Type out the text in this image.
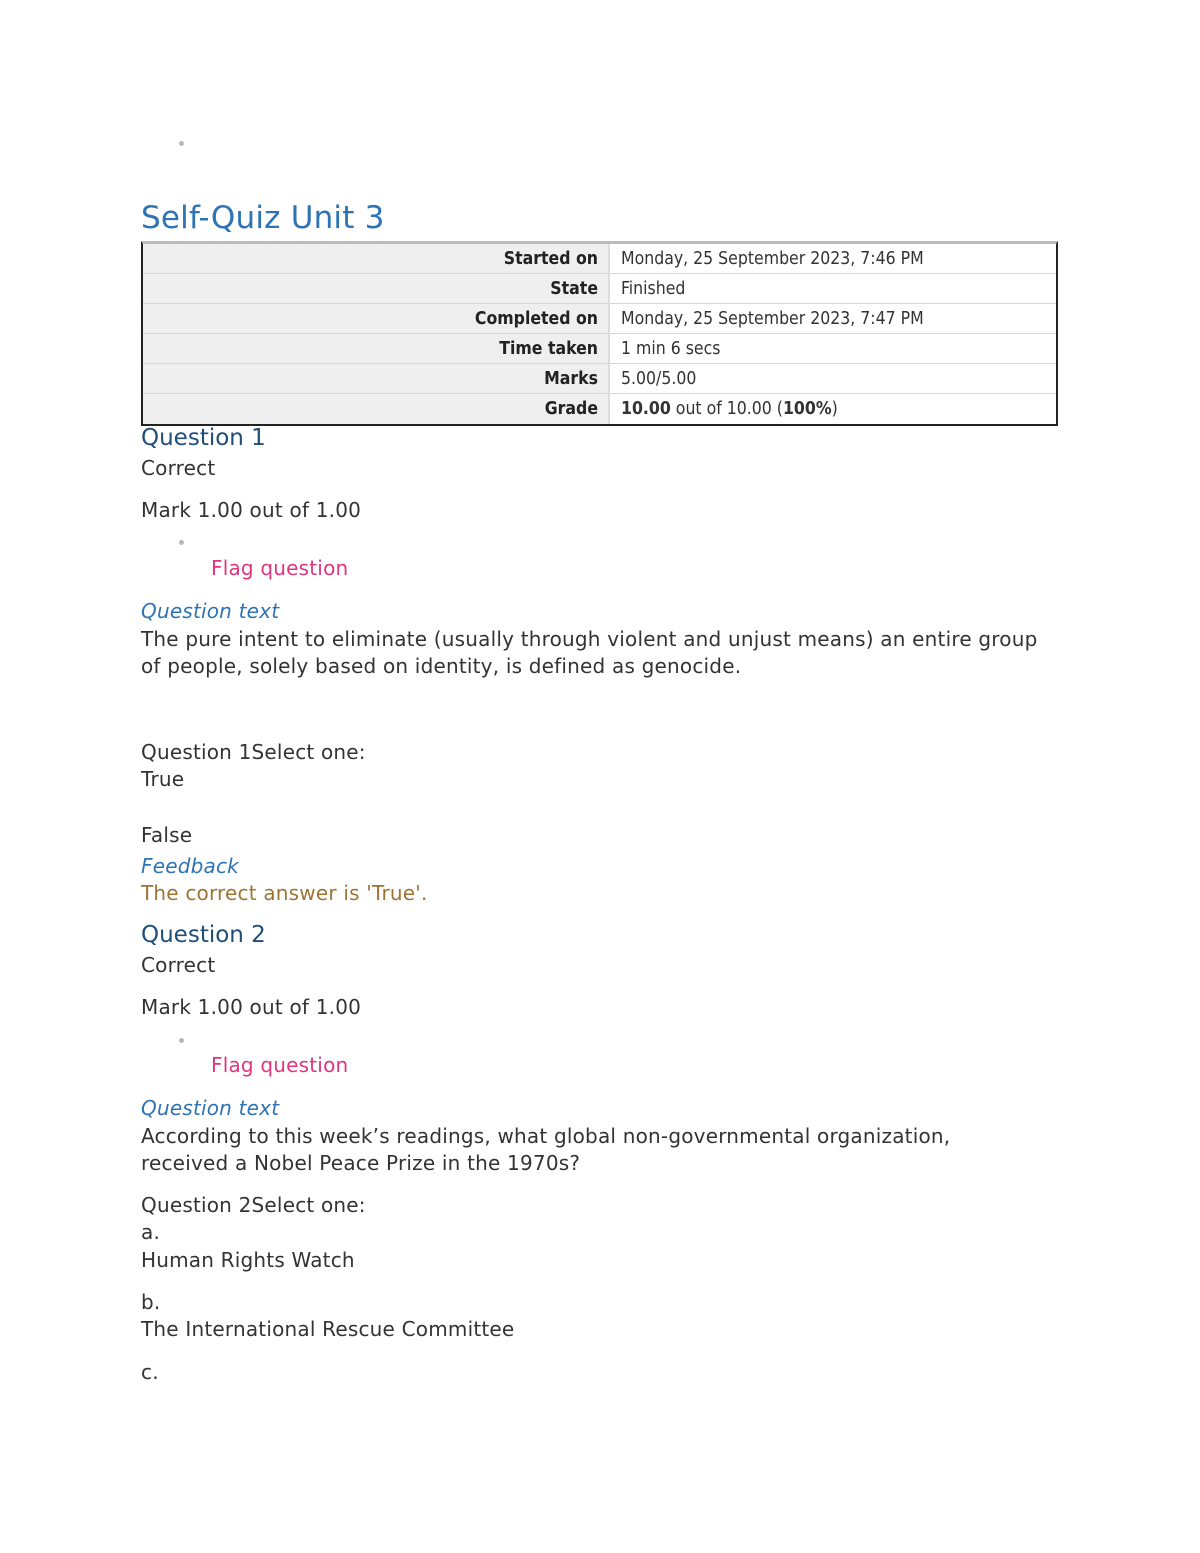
Self-Quiz Unit 3
Started on	Monday, 25 September 2023, 7:46 PM
State	Finished
Completed on	Monday, 25 September 2023, 7:47 PM
Time taken	1 min 6 secs
Marks	5.00/5.00
Grade	10.00 out of 10.00 (100%)
Question 1
Correct
Mark 1.00 out of 1.00
Flag question
Question text
The pure intent to eliminate (usually through violent and unjust means) an entire group of people, solely based on identity, is defined as genocide.
Question 1Select one:
True
False
Feedback
The correct answer is 'True'.
Question 2
Correct
Mark 1.00 out of 1.00
Flag question
Question text
According to this week’s readings, what global non-governmental organization, received a Nobel Peace Prize in the 1970s?
Question 2Select one:
a.
Human Rights Watch
b.
The International Rescue Committee
c.
